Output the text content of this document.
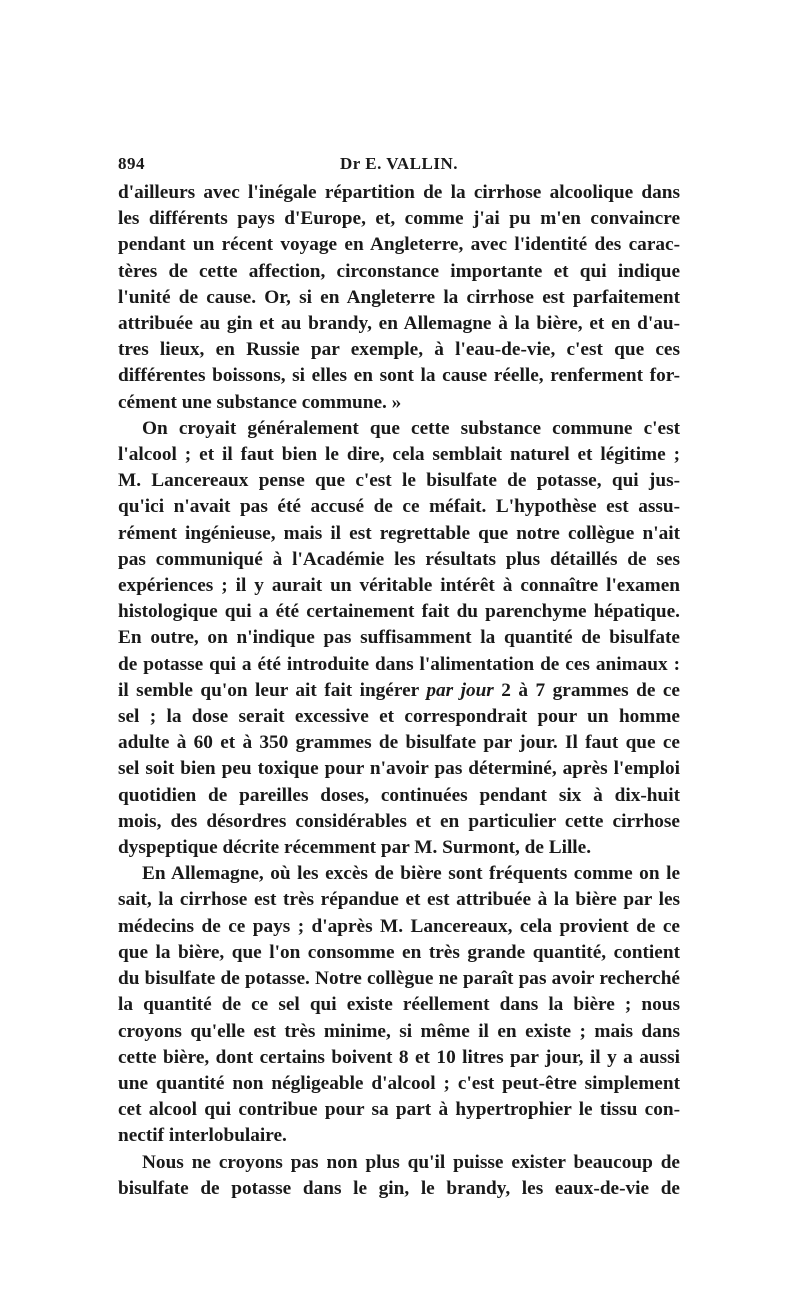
894	Dr E. VALLIN.
d'ailleurs avec l'inégale répartition de la cirrhose alcoolique dans
les différents pays d'Europe, et, comme j'ai pu m'en convaincre
pendant un récent voyage en Angleterre, avec l'identité des carac-
tères de cette affection, circonstance importante et qui indique
l'unité de cause. Or, si en Angleterre la cirrhose est parfaitement
attribuée au gin et au brandy, en Allemagne à la bière, et en d'au-
tres lieux, en Russie par exemple, à l'eau-de-vie, c'est que ces
différentes boissons, si elles en sont la cause réelle, renferment for-
cément une substance commune. »
On croyait généralement que cette substance commune c'est
l'alcool ; et il faut bien le dire, cela semblait naturel et légitime ;
M. Lancereaux pense que c'est le bisulfate de potasse, qui jus-
qu'ici n'avait pas été accusé de ce méfait. L'hypothèse est assu-
rément ingénieuse, mais il est regrettable que notre collègue n'ait
pas communiqué à l'Académie les résultats plus détaillés de ses
expériences ; il y aurait un véritable intérêt à connaître l'examen
histologique qui a été certainement fait du parenchyme hépatique.
En outre, on n'indique pas suffisamment la quantité de bisulfate
de potasse qui a été introduite dans l'alimentation de ces animaux :
il semble qu'on leur ait fait ingérer par jour 2 à 7 grammes de ce
sel ; la dose serait excessive et correspondrait pour un homme
adulte à 60 et à 350 grammes de bisulfate par jour. Il faut que ce
sel soit bien peu toxique pour n'avoir pas déterminé, après l'emploi
quotidien de pareilles doses, continuées pendant six à dix-huit
mois, des désordres considérables et en particulier cette cirrhose
dyspeptique décrite récemment par M. Surmont, de Lille.
En Allemagne, où les excès de bière sont fréquents comme on le
sait, la cirrhose est très répandue et est attribuée à la bière par les
médecins de ce pays ; d'après M. Lancereaux, cela provient de ce
que la bière, que l'on consomme en très grande quantité, contient
du bisulfate de potasse. Notre collègue ne paraît pas avoir recherché
la quantité de ce sel qui existe réellement dans la bière ; nous
croyons qu'elle est très minime, si même il en existe ; mais dans
cette bière, dont certains boivent 8 et 10 litres par jour, il y a aussi
une quantité non négligeable d'alcool ; c'est peut-être simplement
cet alcool qui contribue pour sa part à hypertrophier le tissu con-
nectif interlobulaire.
Nous ne croyons pas non plus qu'il puisse exister beaucoup de
bisulfate de potasse dans le gin, le brandy, les eaux-de-vie de
